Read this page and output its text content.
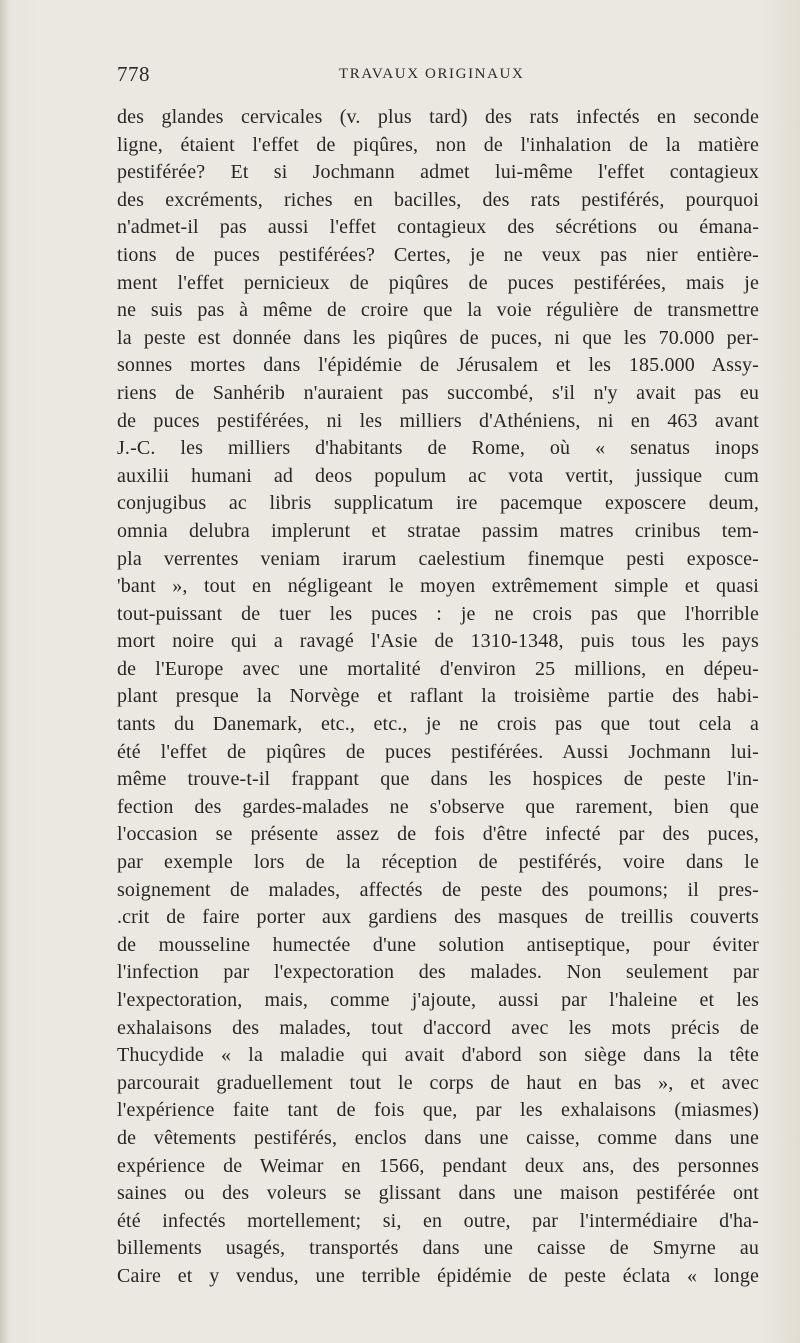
778	TRAVAUX ORIGINAUX
des glandes cervicales (v. plus tard) des rats infectés en seconde
ligne, étaient l'effet de piqûres, non de l'inhalation de la matière
pestiférée? Et si Jochmann admet lui-même l'effet contagieux
des excréments, riches en bacilles, des rats pestiférés, pourquoi
n'admet-il pas aussi l'effet contagieux des sécrétions ou émana-
tions de puces pestiférées? Certes, je ne veux pas nier entière-
ment l'effet pernicieux de piqûres de puces pestiférées, mais je
ne suis pas à même de croire que la voie régulière de transmettre
la peste est donnée dans les piqûres de puces, ni que les 70.000 per-
sonnes mortes dans l'épidémie de Jérusalem et les 185.000 Assy-
riens de Sanhérib n'auraient pas succombé, s'il n'y avait pas eu
de puces pestiférées, ni les milliers d'Athéniens, ni en 463 avant
J.-C. les milliers d'habitants de Rome, où « senatus inops
auxilii humani ad deos populum ac vota vertit, jussique cum
conjugibus ac libris supplicatum ire pacemque exposcere deum,
omnia delubra implerunt et stratae passim matres crinibus tem-
pla verrentes veniam irarum caelestium finemque pesti exposce-
'bant », tout en négligeant le moyen extrêmement simple et quasi
tout-puissant de tuer les puces : je ne crois pas que l'horrible
mort noire qui a ravagé l'Asie de 1310-1348, puis tous les pays
de l'Europe avec une mortalité d'environ 25 millions, en dépeu-
plant presque la Norvège et raflant la troisième partie des habi-
tants du Danemark, etc., etc., je ne crois pas que tout cela a
été l'effet de piqûres de puces pestiférées. Aussi Jochmann lui-
même trouve-t-il frappant que dans les hospices de peste l'in-
fection des gardes-malades ne s'observe que rarement, bien que
l'occasion se présente assez de fois d'être infecté par des puces,
par exemple lors de la réception de pestiférés, voire dans le
soignement de malades, affectés de peste des poumons; il pres-
.crit de faire porter aux gardiens des masques de treillis couverts
de mousseline humectée d'une solution antiseptique, pour éviter
l'infection par l'expectoration des malades. Non seulement par
l'expectoration, mais, comme j'ajoute, aussi par l'haleine et les
exhalaisons des malades, tout d'accord avec les mots précis de
Thucydide « la maladie qui avait d'abord son siège dans la tête
parcourait graduellement tout le corps de haut en bas », et avec
l'expérience faite tant de fois que, par les exhalaisons (miasmes)
de vêtements pestiférés, enclos dans une caisse, comme dans une
expérience de Weimar en 1566, pendant deux ans, des personnes
saines ou des voleurs se glissant dans une maison pestiférée ont
été infectés mortellement; si, en outre, par l'intermédiaire d'ha-
billements usagés, transportés dans une caisse de Smyrne au
Caire et y vendus, une terrible épidémie de peste éclata « longe
